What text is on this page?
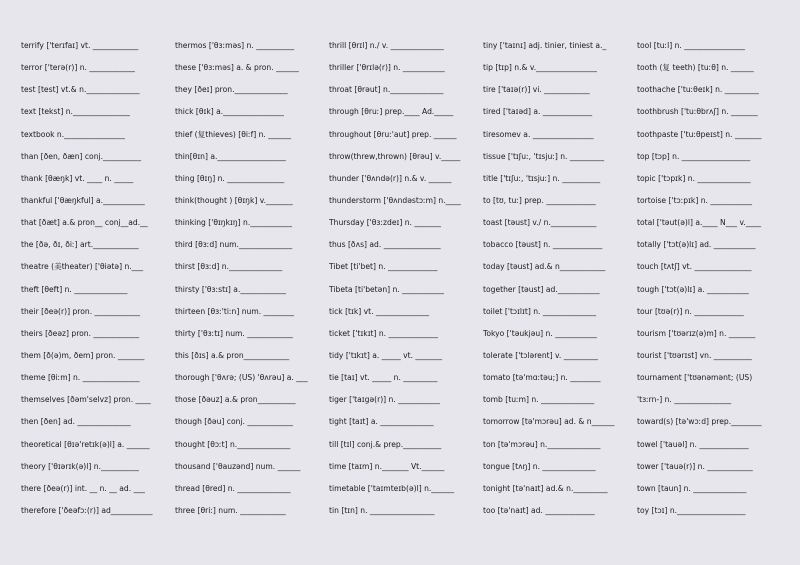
terrify ['terɪfaɪ] vt. ____________
terror ['terə(r)] n. ____________
test [test] vt.& n.______________
text [tekst] n._______________
textbook n.________________
than [ðen, ðæn] conj.__________
thank [θæŋk] vt. ____ n. _____
thankful ['θæŋkful] a.___________
that [ðæt] a.& pron__ conj__ad.__
the [ðə, ðɪ, ðiː] art.____________
theatre (美theater) ['θiətə] n.___
theft [θeft] n. ______________
their [ðeə(r)] pron. ____________
theirs [ðeəz] pron. ____________
them [ð(ə)m, ðem] pron. _______
theme [θiːm] n. _______________
themselves [ðəm'selvz] pron. ____
then [ðen] ad. ______________
theoretical [θɪə'retɪk(ə)l] a. ______
theory ['θɪərɪk(ə)l] n.__________
there [ðeə(r)] int. __ n. __ ad. ___
therefore ['ðeəfɔː(r)] ad___________
thermos ['θɜːməs] n. __________
these ['θɜːməs] a. & pron. ______
they [ðeɪ] pron.______________
thick [θɪk] a.________________
thief (复thieves) [θiːf] n. ______
thin[θɪn] a.__________________
thing [θɪŋ] n. _______________
think(thought ) [θɪŋk] v._______
thinking ['θɪŋkɪŋ] n.___________
third [θɜːd] num.______________
thirst [θɜːd] n.______________
thirsty ['θɜːstɪ] a.____________
thirteen [θɜː'tiːn] num. ________
thirty ['θɜːtɪ] num. ____________
this [ðɪs] a.& pron____________
thorough ['θʌrə; (US) 'θʌrəu] a. ___
those [ðəuz] a.& pron__________
though [ðəu] conj. ____________
thought [θɔːt] n.______________
thousand ['θauzənd] num. ______
thread [θred] n. ______________
three [θriː] num. ____________
thrill [θrɪl] n./ v. ______________
thriller ['θrɪlə(r)] n. ___________
throat [θrəut] n.______________
through [θruː] prep.____ Ad._____
throughout [θruː'aut] prep. ______
throw(threw,thrown) [θrəu] v._____
thunder ['θʌndə(r)] n.& v. ______
thunderstorm ['θʌndəstɔːm] n.____
Thursday ['θɜːzdeɪ] n. _______
thus [ðʌs] ad. _______________
Tibet [ti'bet] n. _____________
Tibeta [ti'betən] n. ___________
tick [tɪk] vt. ______________
ticket ['tɪkɪt] n. _____________
tidy ['tɪkɪt] a. _____ vt. _______
tie [taɪ] vt. _____ n. _________
tiger ['taɪgə(r)] n. ___________
tight [taɪt] a. ______________
till [tɪl] conj.& prep.__________
time [taɪm] n._______ Vt.______
timetable ['taɪmteɪb(ə)l] n.______
tin [tɪn] n. _________________
tiny ['taɪnɪ] adj. tinier, tiniest a._
tip [tɪp] n.& v.________________
tire ['taɪə(r)] vi. ____________
tired ['taɪəd] a. _____________
tiresomev a. ________________
tissue ['tɪʃuː, 'tɪsjuː] n. _________
title ['tɪʃuː, 'tɪsjuː] n. __________
to [tʊ, tuː] prep. _____________
toast [təust] v./ n.____________
tobacco [təust] n. _____________
today [təust] ad.& n____________
together [təust] ad.___________
toilet ['tɔɪlɪt] n. ______________
Tokyo ['təukjəu] n. ___________
tolerate ['tɔlərent] v. _________
tomato [tə'mɑːtəu;] n. ________
tomb [tuːm] n. ______________
tomorrow [tə'mɔrəu] ad. & n______
ton [tə'mɔrəu] n.______________
tongue [tʌŋ] n. ______________
tonight [tə'naɪt] ad.& n._________
too [tə'naɪt] ad. _____________
tool [tuːl] n. ________________
tooth (复 teeth) [tuːθ] n. ______
toothache ['tuːθeɪk] n. _________
toothbrush ['tuːθbrʌʃ] n. _______
toothpaste ['tuːθpeɪst] n. _______
top [tɔp] n. __________________
topic ['tɔpɪk] n. ______________
tortoise ['tɔːpɪk] n. ___________
total ['təut(ə)l] a.____ N___ v.____
totally ['tɔt(ə)lɪ] ad. ___________
touch [tʌtʃ] vt. _______________
tough ['tɔt(ə)lɪ] a. ___________
tour [tʊə(r)] n. _____________
tourism ['tʊərɪz(ə)m] n. _______
tourist ['tʊərɪst] vn. __________
tournament ['tʊənəmənt; (US)
'tɜːrn-] n. _______________
toward(s) [tə'wɔːd] prep.________
towel ['tauəl] n. _____________
tower ['tauə(r)] n. ____________
town [taun] n. ______________
toy [tɔɪ] n.__________________
